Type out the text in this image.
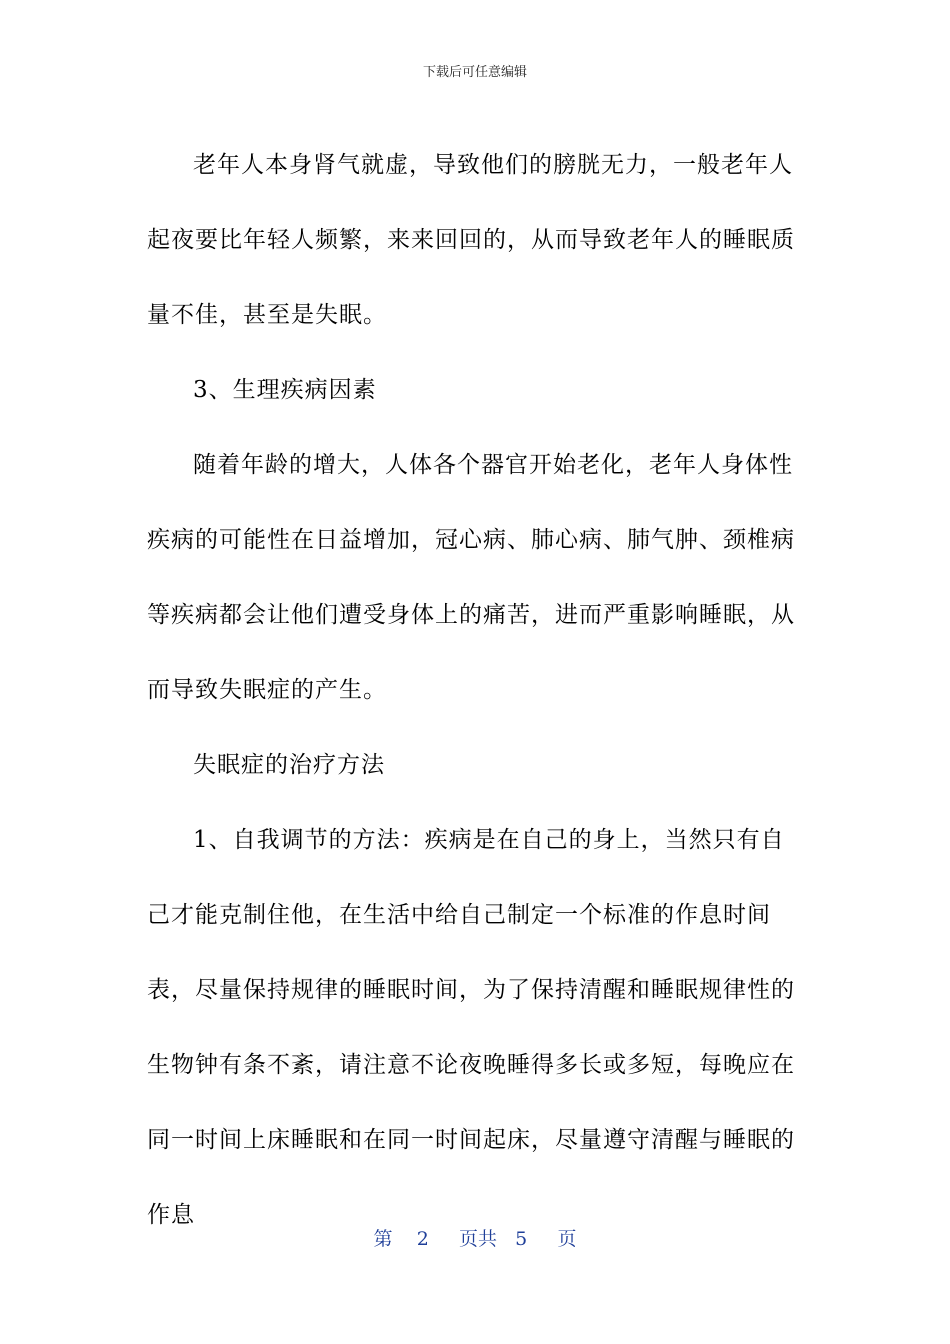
下载后可任意编辑

老年人本身肾气就虚，导致他们的膀胱无力，一般老年人起夜要比年轻人频繁，来来回回的，从而导致老年人的睡眠质量不佳，甚至是失眠。

3、生理疾病因素

随着年龄的增大，人体各个器官开始老化，老年人身体性疾病的可能性在日益增加，冠心病、肺心病、肺气肿、颈椎病等疾病都会让他们遭受身体上的痛苦，进而严重影响睡眠，从而导致失眠症的产生。

失眠症的治疗方法

1、自我调节的方法：疾病是在自己的身上，当然只有自己才能克制住他，在生活中给自己制定一个标准的作息时间表，尽量保持规律的睡眠时间，为了保持清醒和睡眠规律性的生物钟有条不紊，请注意不论夜晚睡得多长或多短，每晚应在同一时间上床睡眠和在同一时间起床，尽量遵守清醒与睡眠的作息

第 2 页共 5 页
